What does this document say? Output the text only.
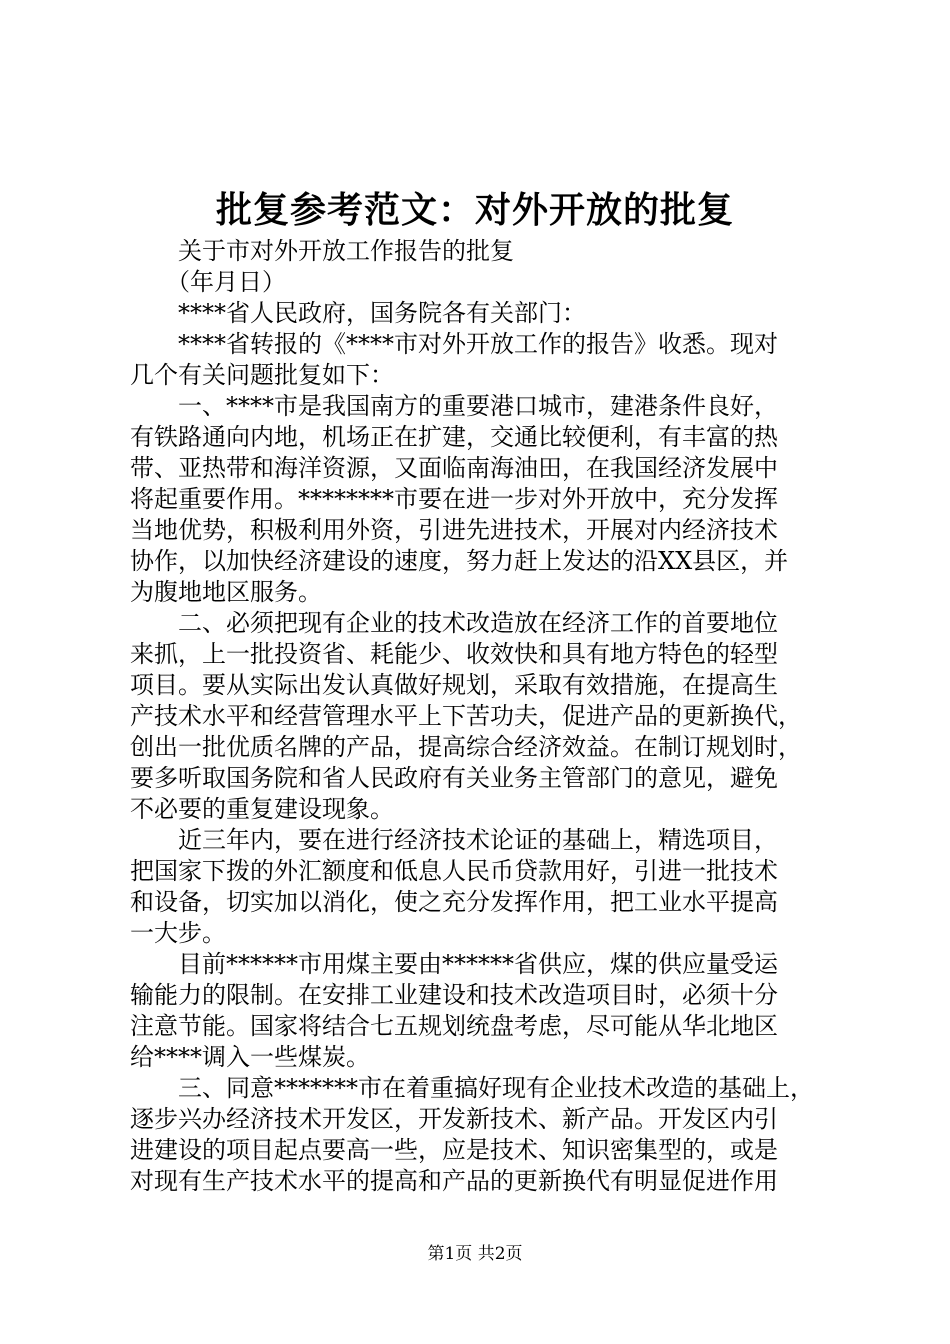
批复参考范文：对外开放的批复
　　关于市对外开放工作报告的批复
　　（年月日）
　　****省人民政府，国务院各有关部门：
　　****省转报的《****市对外开放工作的报告》收悉。现对
几个有关问题批复如下：
　　一、****市是我国南方的重要港口城市，建港条件良好，
有铁路通向内地，机场正在扩建，交通比较便利，有丰富的热
带、亚热带和海洋资源，又面临南海油田，在我国经济发展中
将起重要作用。********市要在进一步对外开放中，充分发挥
当地优势，积极利用外资，引进先进技术，开展对内经济技术
协作，以加快经济建设的速度，努力赶上发达的沿XX县区，并
为腹地地区服务。
　　二、必须把现有企业的技术改造放在经济工作的首要地位
来抓，上一批投资省、耗能少、收效快和具有地方特色的轻型
项目。要从实际出发认真做好规划，采取有效措施，在提高生
产技术水平和经营管理水平上下苦功夫，促进产品的更新换代，
创出一批优质名牌的产品，提高综合经济效益。在制订规划时，
要多听取国务院和省人民政府有关业务主管部门的意见，避免
不必要的重复建设现象。
　　近三年内，要在进行经济技术论证的基础上，精选项目，
把国家下拨的外汇额度和低息人民币贷款用好，引进一批技术
和设备，切实加以消化，使之充分发挥作用，把工业水平提高
一大步。
　　目前******市用煤主要由******省供应，煤的供应量受运
输能力的限制。在安排工业建设和技术改造项目时，必须十分
注意节能。国家将结合七五规划统盘考虑，尽可能从华北地区
给****调入一些煤炭。
　　三、同意*******市在着重搞好现有企业技术改造的基础上，
逐步兴办经济技术开发区，开发新技术、新产品。开发区内引
进建设的项目起点要高一些，应是技术、知识密集型的，或是
对现有生产技术水平的提高和产品的更新换代有明显促进作用
第1页 共2页
